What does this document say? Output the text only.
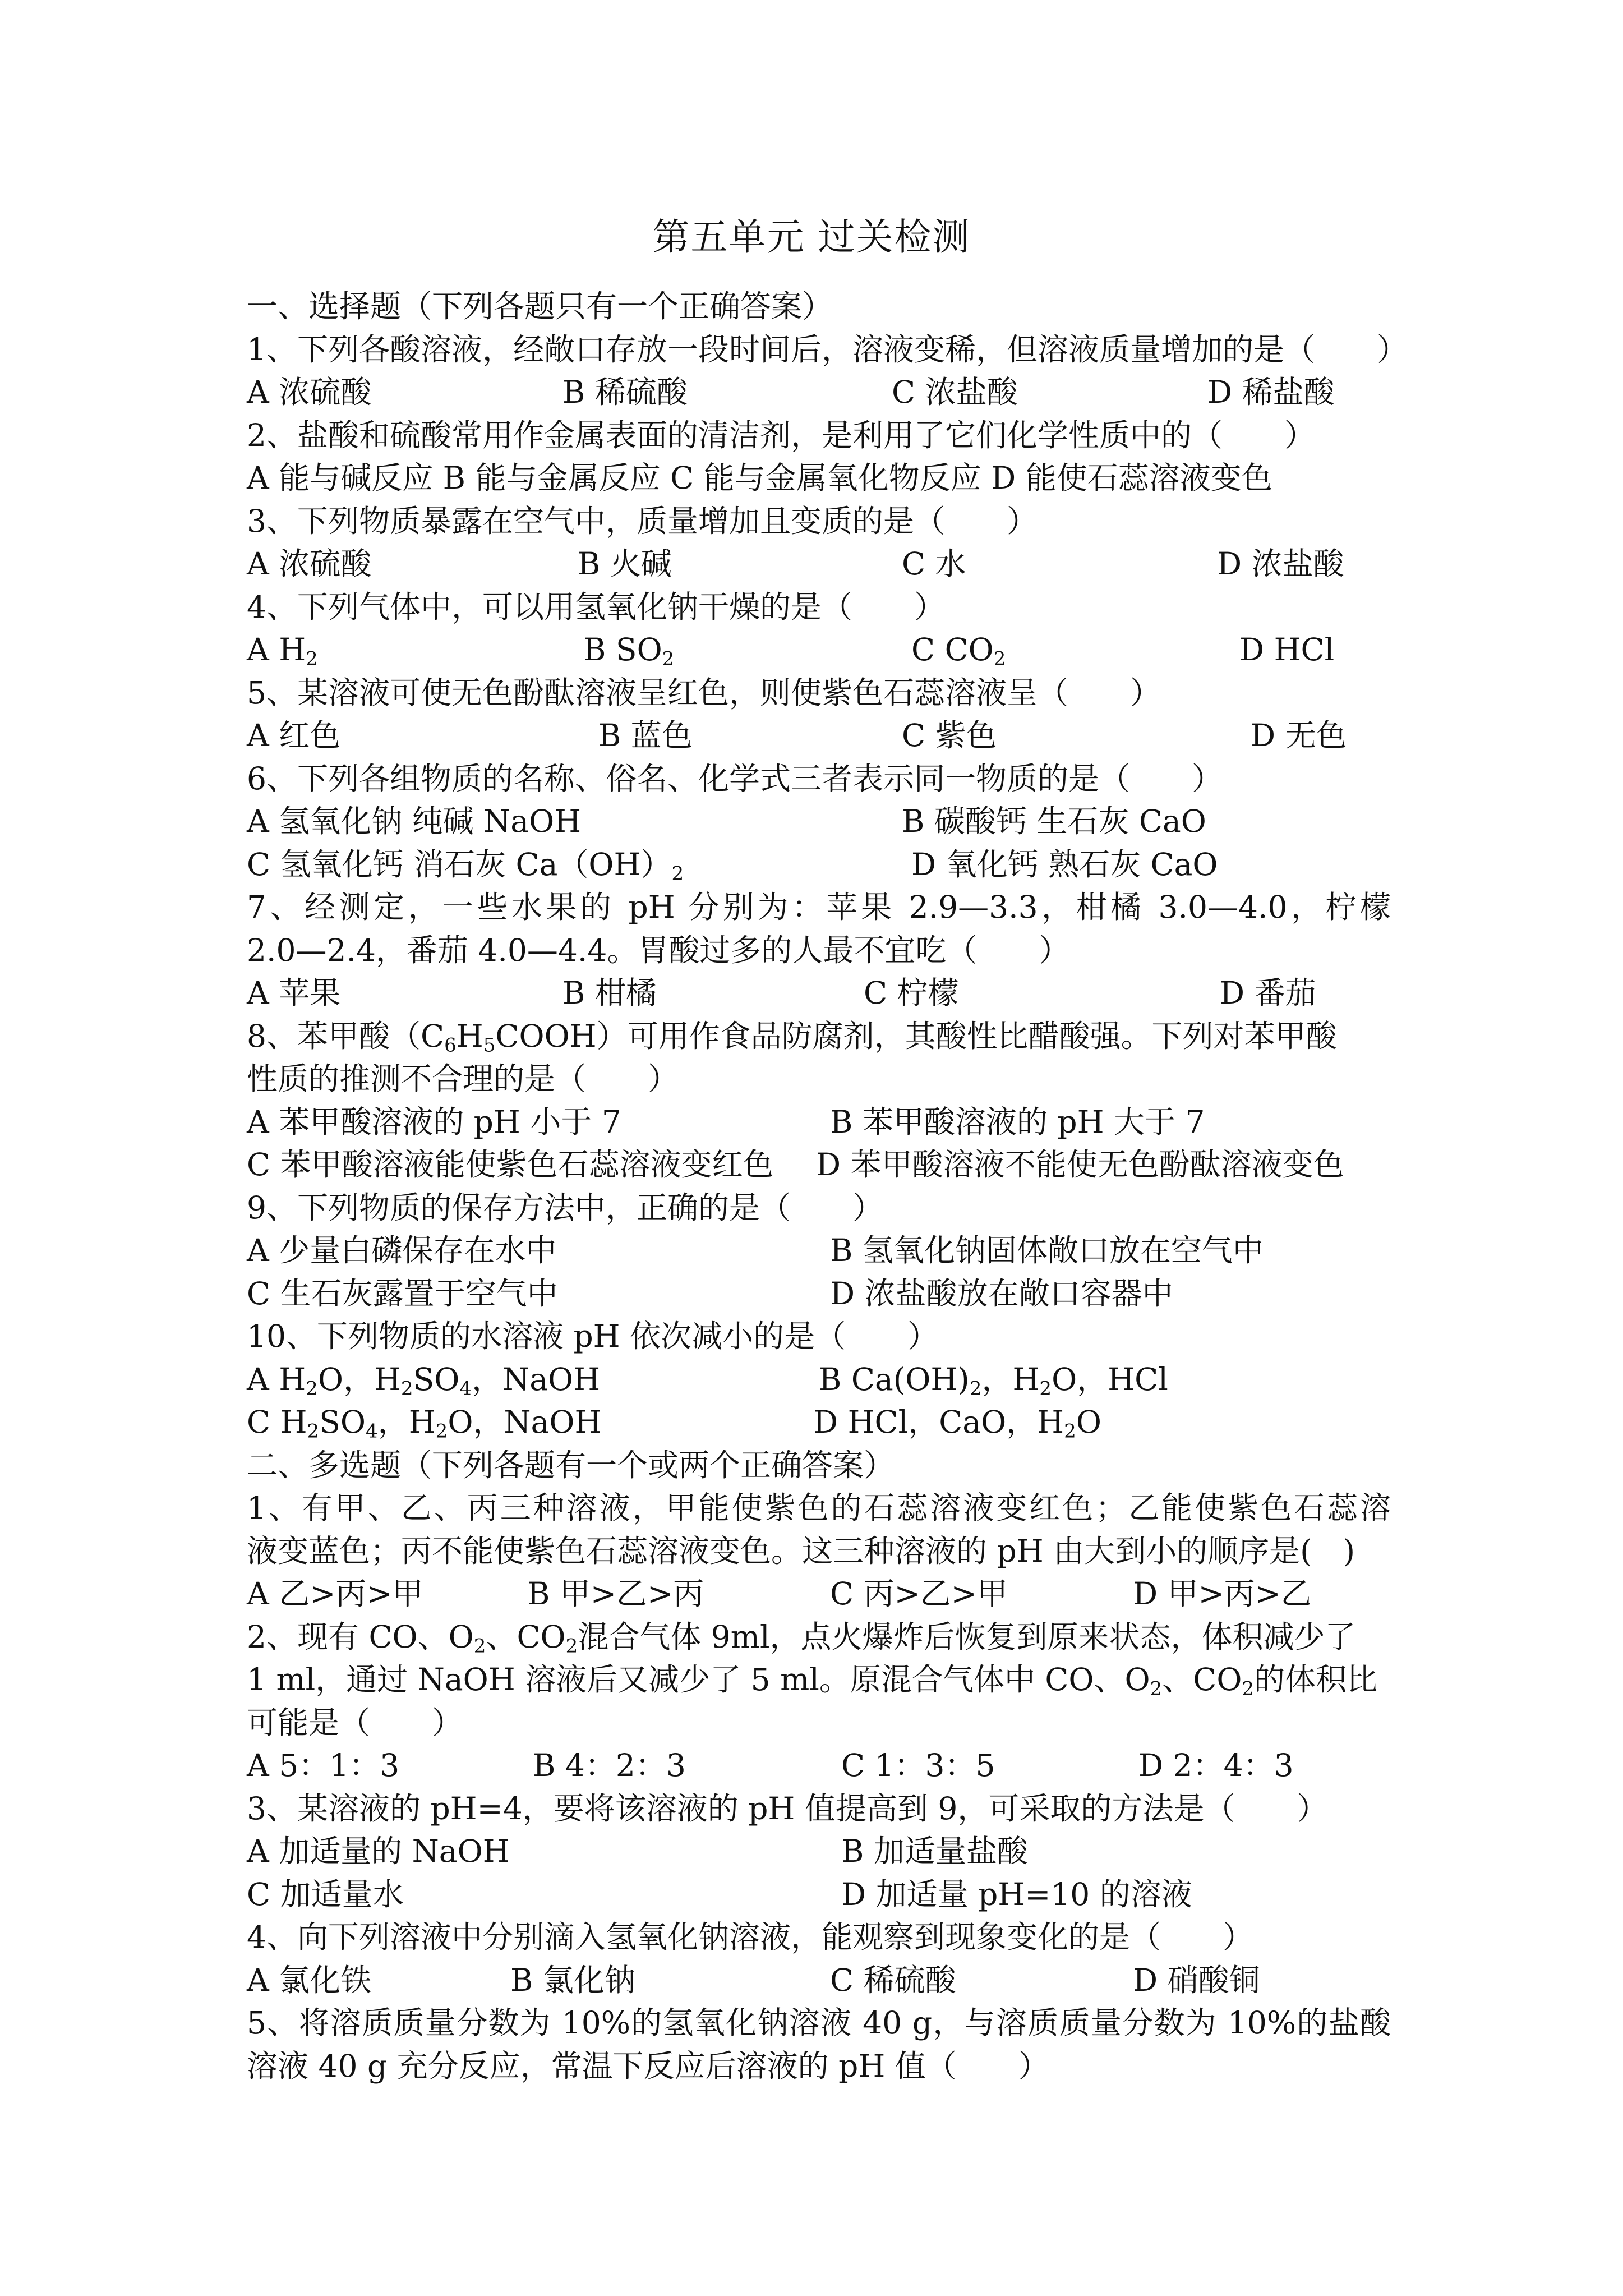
第五单元 过关检测
一、选择题（下列各题只有一个正确答案）
1、下列各酸溶液，经敞口存放一段时间后，溶液变稀，但溶液质量增加的是（　　）
A 浓硫酸	B 稀硫酸	C 浓盐酸	D 稀盐酸
2、盐酸和硫酸常用作金属表面的清洁剂，是利用了它们化学性质中的（　　）
A 能与碱反应 B 能与金属反应 C 能与金属氧化物反应 D 能使石蕊溶液变色
3、下列物质暴露在空气中，质量增加且变质的是（　　）
A 浓硫酸	B 火碱	C 水	D 浓盐酸
4、下列气体中，可以用氢氧化钠干燥的是（　　）
A $H_2$	B $SO_2$	C $CO_2$	D HCl
5、某溶液可使无色酚酞溶液呈红色，则使紫色石蕊溶液呈（　　）
A 红色	B 蓝色	C 紫色	D 无色
6、下列各组物质的名称、俗名、化学式三者表示同一物质的是（　　）
A 氢氧化钠 纯碱 NaOH	B 碳酸钙 生石灰 CaO
C 氢氧化钙 消石灰 $Ca(OH)_2$	D 氧化钙 熟石灰 CaO
7、经测定，一些水果的 pH 分别为：苹果 2.9—3.3，柑橘 3.0—4.0，柠檬
2.0—2.4，番茄 4.0—4.4。胃酸过多的人最不宜吃（　　）
A 苹果	B 柑橘	C 柠檬	D 番茄
8、苯甲酸$(C_6H_5COOH)$可用作食品防腐剂，其酸性比醋酸强。下列对苯甲酸
性质的推测不合理的是（　　）
A 苯甲酸溶液的 pH 小于 7	B 苯甲酸溶液的 pH 大于 7
C 苯甲酸溶液能使紫色石蕊溶液变红色 D 苯甲酸溶液不能使无色酚酞溶液变色
9、下列物质的保存方法中，正确的是（　　）
A 少量白磷保存在水中	B 氢氧化钠固体敞口放在空气中
C 生石灰露置于空气中	D 浓盐酸放在敞口容器中
10、下列物质的水溶液 pH 依次减小的是（　　）
A $H_2O$，$H_2SO_4$，NaOH	B $Ca(OH)_2$，$H_2O$，HCl
C $H_2SO_4$，$H_2O$，NaOH	D HCl，CaO，$H_2O$
二、多选题（下列各题有一个或两个正确答案）
1、有甲、乙、丙三种溶液，甲能使紫色的石蕊溶液变红色；乙能使紫色石蕊溶
液变蓝色；丙不能使紫色石蕊溶液变色。这三种溶液的 pH 由大到小的顺序是(　)
A 乙>丙>甲	B 甲>乙>丙	C 丙>乙>甲	D 甲>丙>乙
2、现有 CO、$O_2$、$CO_2$混合气体 9ml，点火爆炸后恢复到原来状态，体积减少了
1 ml，通过 NaOH 溶液后又减少了 5 ml。原混合气体中 CO、$O_2$、$CO_2$的体积比
可能是（　　）
A 5：1：3	B 4：2：3	C 1：3：5	D 2：4：3
3、某溶液的 pH=4，要将该溶液的 pH 值提高到 9，可采取的方法是（　　）
A 加适量的 NaOH	B 加适量盐酸
C 加适量水	D 加适量 pH=10 的溶液
4、向下列溶液中分别滴入氢氧化钠溶液，能观察到现象变化的是（　　）
A 氯化铁	B 氯化钠	C 稀硫酸	D 硝酸铜
5、将溶质质量分数为 10%的氢氧化钠溶液 40 g，与溶质质量分数为 10%的盐酸
溶液 40 g 充分反应，常温下反应后溶液的 pH 值（　　）
